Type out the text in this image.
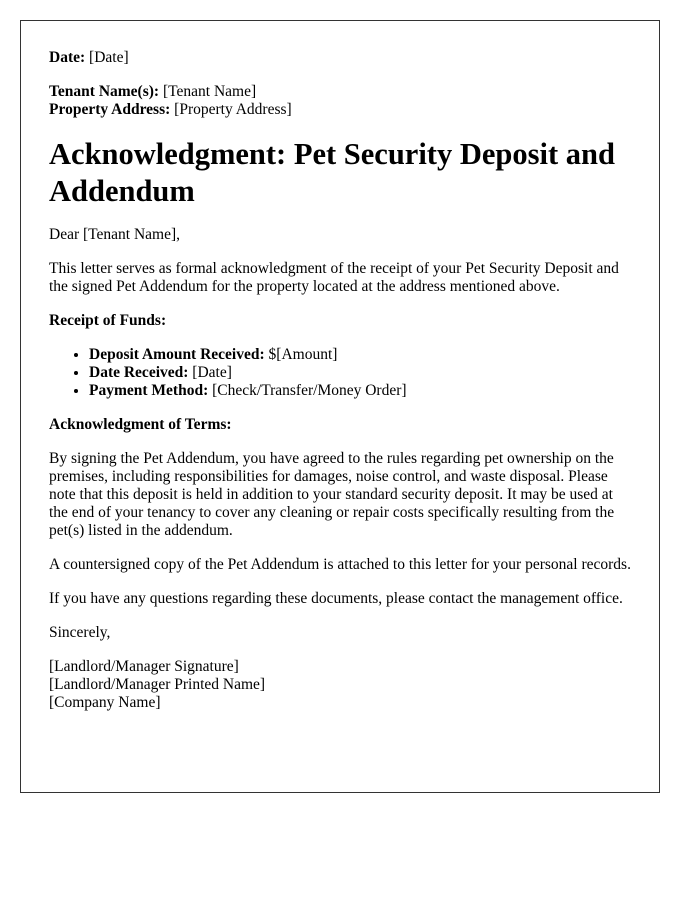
Date: [Date]

Tenant Name(s): [Tenant Name]

Property Address: [Property Address]

Acknowledgment: Pet Security Deposit and Addendum

Dear [Tenant Name],

This letter serves as formal acknowledgment of the receipt of your Pet Security Deposit and the signed Pet Addendum for the property located at the address mentioned above.

Receipt of Funds:

• Deposit Amount Received: $[Amount]
• Date Received: [Date]
• Payment Method: [Check/Transfer/Money Order]

Acknowledgment of Terms:

By signing the Pet Addendum, you have agreed to the rules regarding pet ownership on the premises, including responsibilities for damages, noise control, and waste disposal. Please note that this deposit is held in addition to your standard security deposit. It may be used at the end of your tenancy to cover any cleaning or repair costs specifically resulting from the pet(s) listed in the addendum.

A countersigned copy of the Pet Addendum is attached to this letter for your personal records.

If you have any questions regarding these documents, please contact the management office.

Sincerely,

[Landlord/Manager Signature]

[Landlord/Manager Printed Name]

[Company Name]
